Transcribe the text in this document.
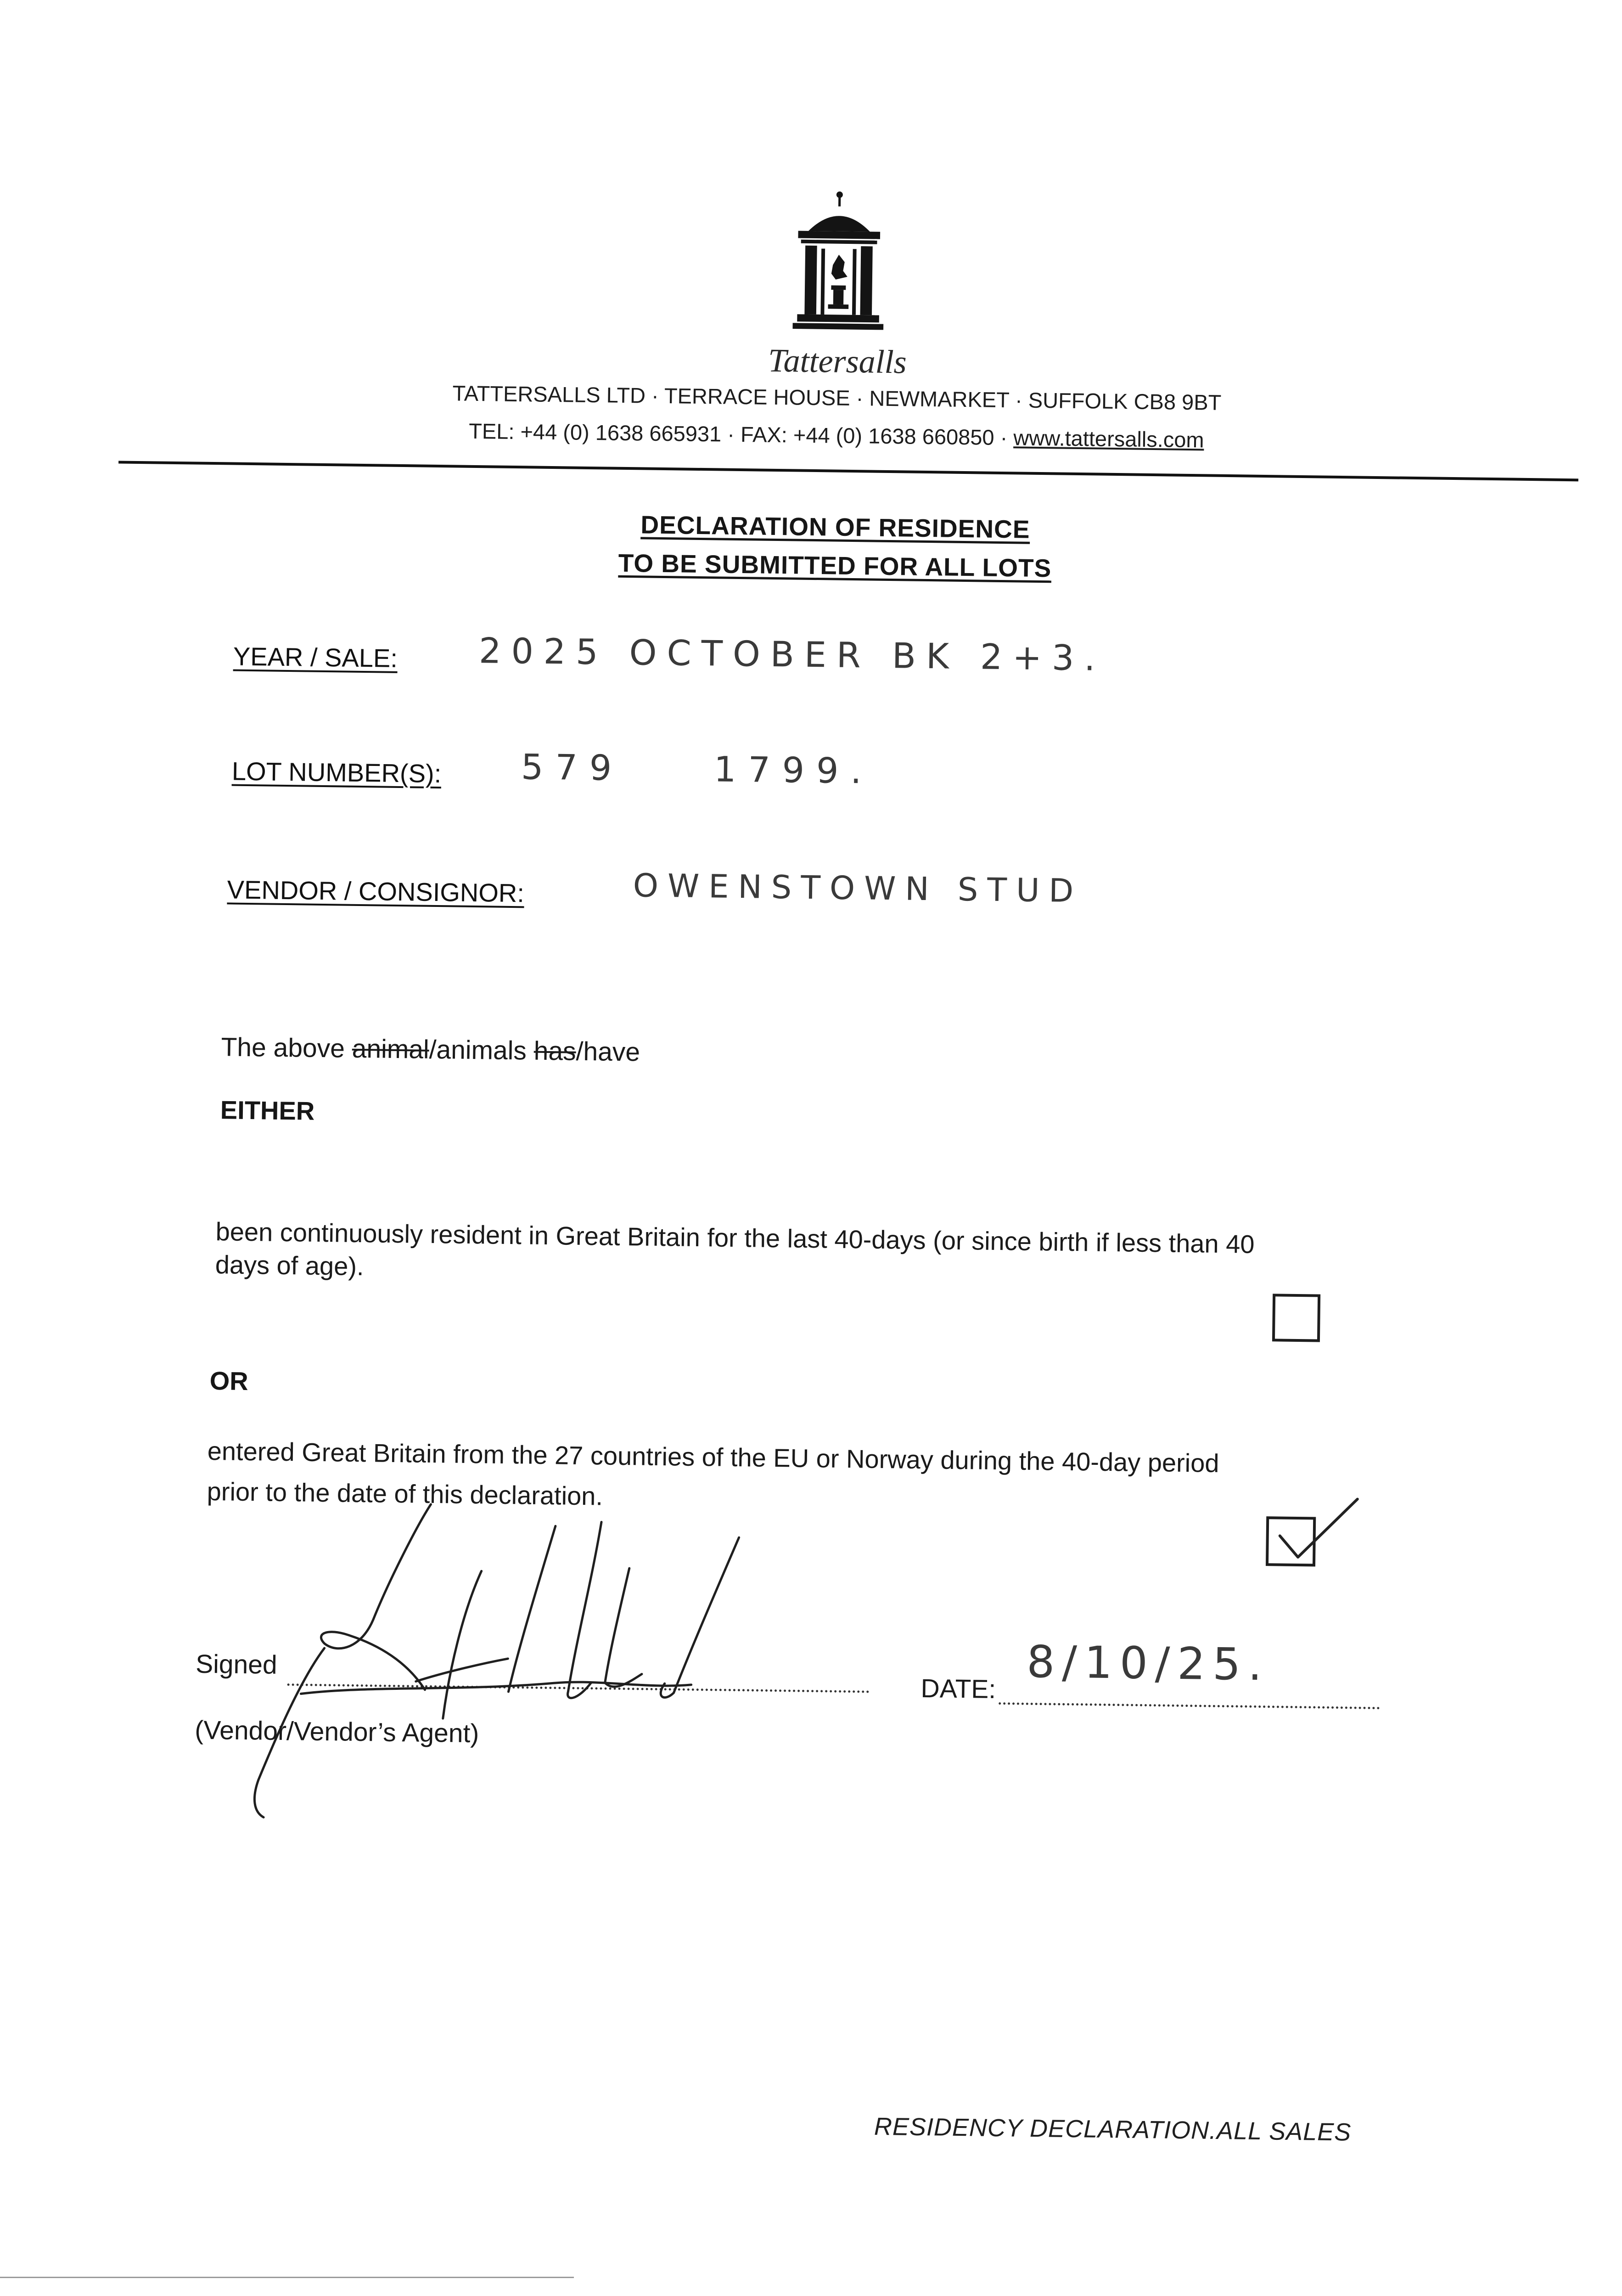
Tattersalls
TATTERSALLS LTD · TERRACE HOUSE · NEWMARKET · SUFFOLK CB8 9BT
TEL: +44 (0) 1638 665931 · FAX: +44 (0) 1638 660850 · www.tattersalls.com
DECLARATION OF RESIDENCE
TO BE SUBMITTED FOR ALL LOTS
YEAR / SALE: 2025 OCTOBER BK 2+3.
LOT NUMBER(S): 579	1799.
VENDOR / CONSIGNOR:	OWENSTOWN STUD
The above animal/animals has/have
EITHER
been continuously resident in Great Britain for the last 40-days (or since birth if less than 40
days of age).
OR
entered Great Britain from the 27 countries of the EU or Norway during the 40-day period
prior to the date of this declaration.
Signed
DATE: 8/10/25.
(Vendor/Vendor’s Agent)
RESIDENCY DECLARATION.ALL SALES
